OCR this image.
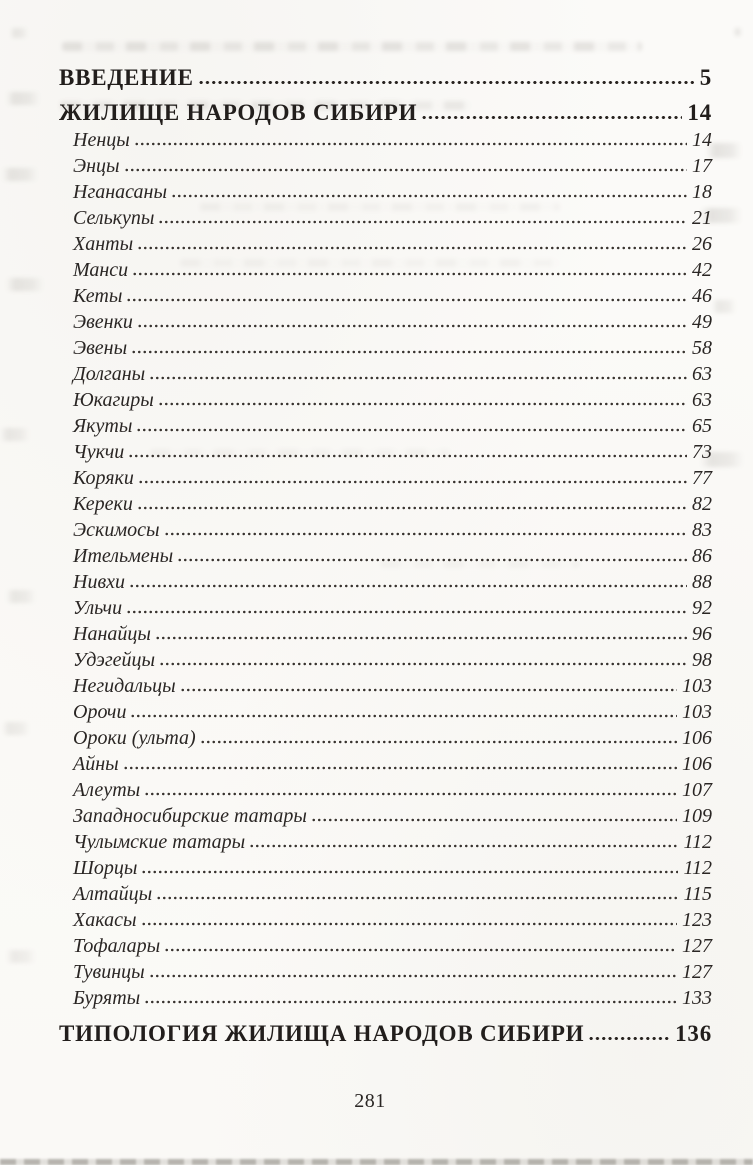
ВВЕДЕНИЕ	5
ЖИЛИЩЕ НАРОДОВ СИБИРИ	14
Ненцы	14
Энцы	17
Нганасаны	18
Селькупы	21
Ханты	26
Манси	42
Кеты	46
Эвенки	49
Эвены	58
Долганы	63
Юкагиры	63
Якуты	65
Чукчи	73
Коряки	77
Кереки	82
Эскимосы	83
Ительмены	86
Нивхи	88
Ульчи	92
Нанайцы	96
Удэгейцы	98
Негидальцы	103
Орочи	103
Ороки (ульта)	106
Айны	106
Алеуты	107
Западносибирские татары	109
Чулымские татары	112
Шорцы	112
Алтайцы	115
Хакасы	123
Тофалары	127
Тувинцы	127
Буряты	133
ТИПОЛОГИЯ ЖИЛИЩА НАРОДОВ СИБИРИ	136
281
